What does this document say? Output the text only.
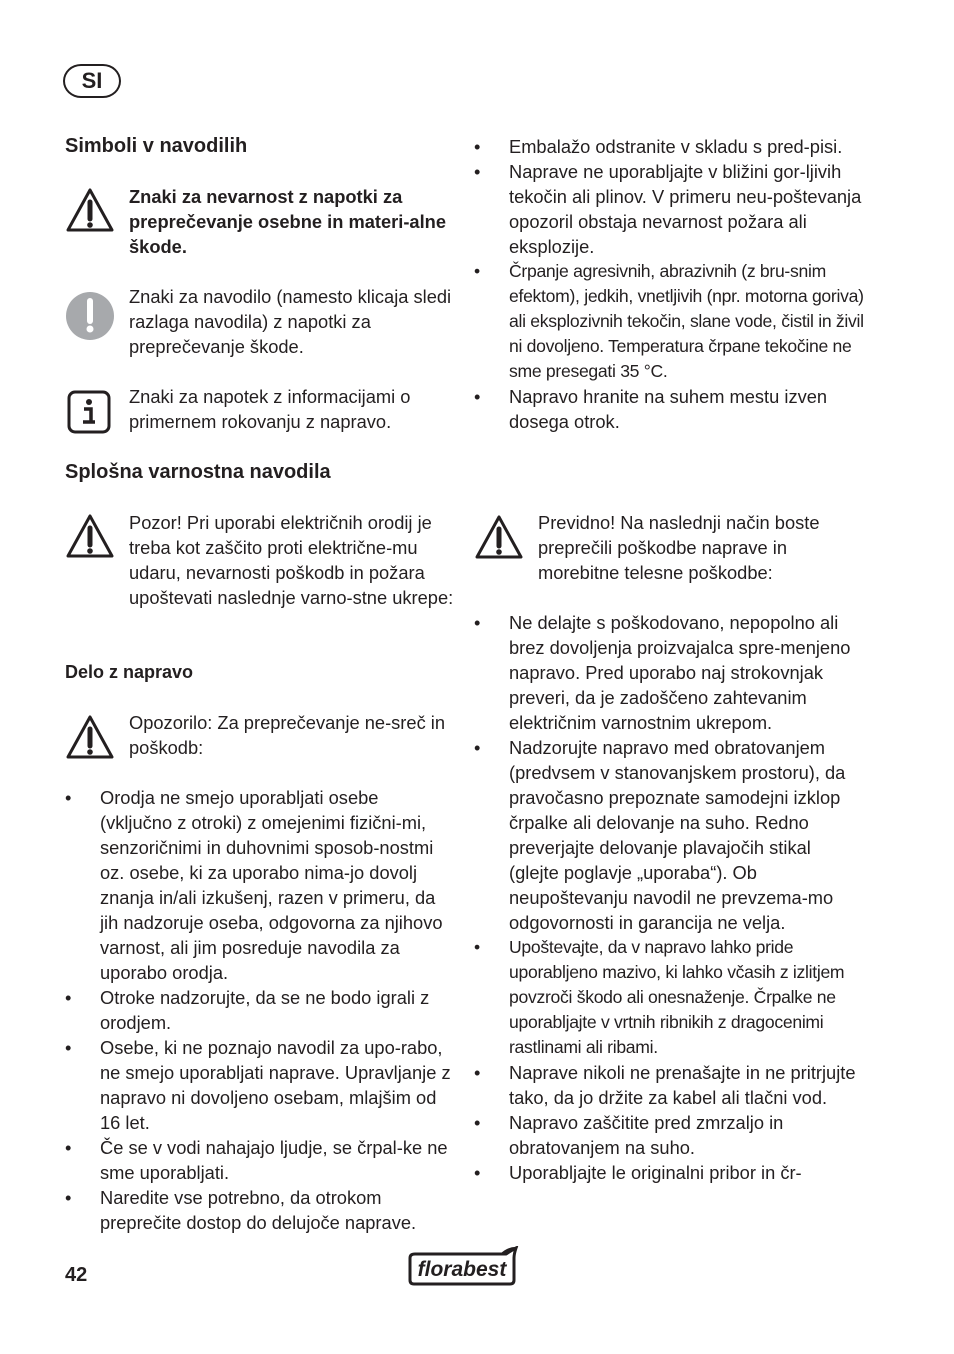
SI
Simboli v navodilih
Znaki za nevarnost z napotki za preprečevanje osebne in materi-alne škode.
Znaki za navodilo (namesto klicaja sledi razlaga navodila) z napotki za preprečevanje škode.
Znaki za napotek z informacijami o primernem rokovanju z napravo.
Splošna varnostna navodila
Pozor! Pri uporabi električnih orodij je treba kot zaščito proti električne-mu udaru, nevarnosti poškodb in požara upoštevati naslednje varno-stne ukrepe:
Delo z napravo
Opozorilo: Za preprečevanje ne-sreč in poškodb:
• Orodja ne smejo uporabljati osebe (vključno z otroki) z omejenimi fizični-mi, senzoričnimi in duhovnimi sposob-nostmi oz. osebe, ki za uporabo nima-jo dovolj znanja in/ali izkušenj, razen v primeru, da jih nadzoruje oseba, odgovorna za njihovo varnost, ali jim posreduje navodila za uporabo orodja.
• Otroke nadzorujte, da se ne bodo igrali z orodjem.
• Osebe, ki ne poznajo navodil za upo-rabo, ne smejo uporabljati naprave. Upravljanje z napravo ni dovoljeno osebam, mlajšim od 16 let.
• Če se v vodi nahajajo ljudje, se črpal-ke ne sme uporabljati.
• Naredite vse potrebno, da otrokom preprečite dostop do delujoče naprave.
• Embalažo odstranite v skladu s pred-pisi.
• Naprave ne uporabljajte v bližini gor-ljivih tekočin ali plinov. V primeru neu-poštevanja opozoril obstaja nevarnost požara ali eksplozije.
• Črpanje agresivnih, abrazivnih (z bru-snim efektom), jedkih, vnetljivih (npr. motorna goriva) ali eksplozivnih tekočin, slane vode, čistil in živil ni dovoljeno. Temperatura črpane tekočine ne sme presegati 35 °C.
• Napravo hranite na suhem mestu izven dosega otrok.
Previdno! Na naslednji način boste preprečili poškodbe naprave in morebitne telesne poškodbe:
• Ne delajte s poškodovano, nepopolno ali brez dovoljenja proizvajalca spre-menjeno napravo. Pred uporabo naj strokovnjak preveri, da je zadoščeno zahtevanim električnim varnostnim ukrepom.
• Nadzorujte napravo med obratovanjem (predvsem v stanovanjskem prostoru), da pravočasno prepoznate samodejni izklop črpalke ali delovanje na suho. Redno preverjajte delovanje plavajočih stikal (glejte poglavje „uporaba“). Ob neupoštevanju navodil ne prevzema-mo odgovornosti in garancija ne velja.
• Upoštevajte, da v napravo lahko pride uporabljeno mazivo, ki lahko včasih z izlitjem povzroči škodo ali onesnaženje. Črpalke ne uporabljajte v vrtnih ribnikih z dragocenimi rastlinami ali ribami.
• Naprave nikoli ne prenašajte in ne pritrjujte tako, da jo držite za kabel ali tlačni vod.
• Napravo zaščitite pred zmrzaljo in obratovanjem na suho.
• Uporabljajte le originalni pribor in čr-
42	florabest
